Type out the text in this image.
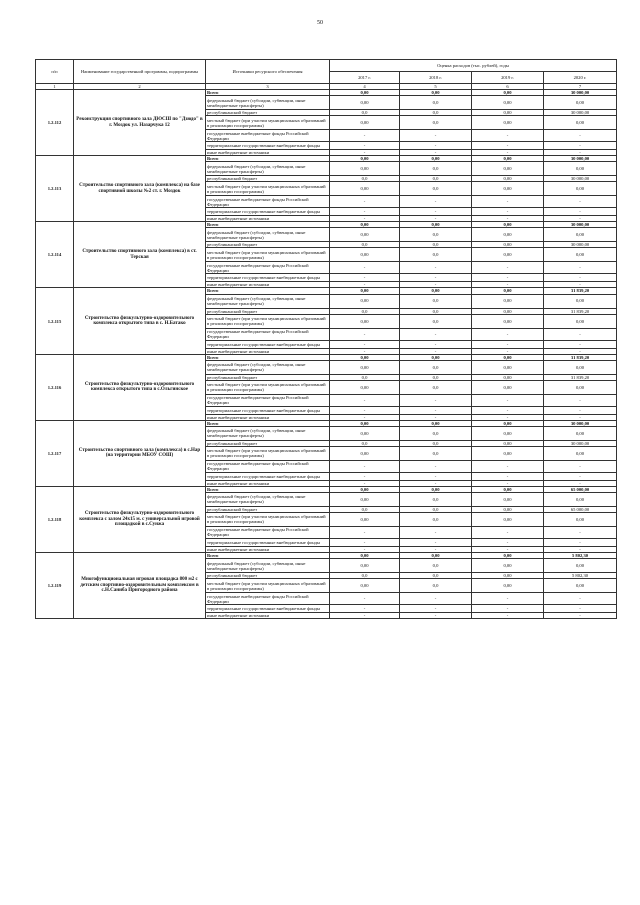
50
п/п	Наименование государственной программы, подпрограммы	Источники ресурсного обеспечения	Оценка расходов (тыс. рублей), годы			
			2017 г.	2018 г.	2019 г.	2020 г.
1	2	3	4	5	6	7
1.2.112	Реконструкция спортивного зала ДЮСШ по "Дзюдо" в г. Моздок ул. Назарчука 12	Всего	0,00	0,00	0,00	30 000,00
		федеральный бюджет (субсидии, субвенции, иные межбюджетные трансферты)	0,00	0,0	0,00	0,00
		республиканский бюджет	0,0	0,0	0,00	30 000,00
		местный бюджет (при участии муниципальных образований в реализации госпрограммы)	0,00	0,0	0,00	0,00
		государственные внебюджетные фонды Российской Федерации	-	-	-	-
		территориальные государственные внебюджетные фонды	-	-	-	-
		иные внебюджетные источники	-	-	-	-
1.2.113	Строительство спортивного зала (комплекса) на базе спортивной школы №2 ст. г. Моздок	Всего	0,00	0,00	0,00	30 000,00
		федеральный бюджет (субсидии, субвенции, иные межбюджетные трансферты)	0,00	0,0	0,00	0,00
		республиканский бюджет	0,0	0,0	0,00	30 000,00
		местный бюджет (при участии муниципальных образований в реализации госпрограммы)	0,00	0,0	0,00	0,00
		государственные внебюджетные фонды Российской Федерации	-	-	-	-
		территориальные государственные внебюджетные фонды	-	-	-	-
		иные внебюджетные источники	-	-	-	-
1.2.114	Строительство спортивного зала (комплекса) в ст. Терская	Всего	0,00	0,00	0,00	30 000,00
		федеральный бюджет (субсидии, субвенции, иные межбюджетные трансферты)	0,00	0,0	0,00	0,00
		республиканский бюджет	0,0	0,0	0,00	30 000,00
		местный бюджет (при участии муниципальных образований в реализации госпрограммы)	0,00	0,0	0,00	0,00
		государственные внебюджетные фонды Российской Федерации	-	-	-	-
		территориальные государственные внебюджетные фонды	-	-	-	-
		иные внебюджетные источники	-	-	-	-
1.2.115	Строительство физкультурно-оздоровительного комплекса открытого типа в с. Н.Батако	Всего	0,00	0,00	0,00	31 839,20
		федеральный бюджет (субсидии, субвенции, иные межбюджетные трансферты)	0,00	0,0	0,00	0,00
		республиканский бюджет	0,0	0,0	0,00	31 839,20
		местный бюджет (при участии муниципальных образований в реализации госпрограммы)	0,00	0,0	0,00	0,00
		государственные внебюджетные фонды Российской Федерации	-	-	-	-
		территориальные государственные внебюджетные фонды	-	-	-	-
		иные внебюджетные источники	-	-	-	-
1.2.116	Строительство физкультурно-оздоровительного комплекса открытого типа в с.Ольгинское	Всего	0,00	0,00	0,00	31 839,20
		федеральный бюджет (субсидии, субвенции, иные межбюджетные трансферты)	0,00	0,0	0,00	0,00
		республиканский бюджет	0,0	0,0	0,00	31 839,20
		местный бюджет (при участии муниципальных образований в реализации госпрограммы)	0,00	0,0	0,00	0,00
		государственные внебюджетные фонды Российской Федерации	-	-	-	-
		территориальные государственные внебюджетные фонды	-	-	-	-
		иные внебюджетные источники	-	-	-	-
1.2.117	Строительство спортивного зала (комплекса) в с.Нар (на территории МБОУ СОШ)	Всего	0,00	0,00	0,00	30 000,00
		федеральный бюджет (субсидии, субвенции, иные межбюджетные трансферты)	0,00	0,0	0,00	0,00
		республиканский бюджет	0,0	0,0	0,00	30 000,00
		местный бюджет (при участии муниципальных образований в реализации госпрограммы)	0,00	0,0	0,00	0,00
		государственные внебюджетные фонды Российской Федерации	-	-	-	-
		территориальные государственные внебюджетные фонды	-	-	-	-
		иные внебюджетные источники	-	-	-	-
1.2.118	Строительство физкультурно-оздоровительного комплекса с залом 24х15 м. с универсальной игровой площадкой в с.Сунжа	Всего	0,00	0,00	0,00	65 000,00
		федеральный бюджет (субсидии, субвенции, иные межбюджетные трансферты)	0,00	0,0	0,00	0,00
		республиканский бюджет	0,0	0,0	0,00	65 000,00
		местный бюджет (при участии муниципальных образований в реализации госпрограммы)	0,00	0,0	0,00	0,00
		государственные внебюджетные фонды Российской Федерации	-	-	-	-
		территориальные государственные внебюджетные фонды	-	-	-	-
		иные внебюджетные источники	-	-	-	-
1.2.119	Многофункциональная игровая площадка 800 м2 с детским спортивно-оздоровительным комплексом в с.Н.Саниба Пригородного района	Всего	0,00	0,00	0,00	5 802,30
		федеральный бюджет (субсидии, субвенции, иные межбюджетные трансферты)	0,00	0,0	0,00	0,00
		республиканский бюджет	0,0	0,0	0,00	5 802,30
		местный бюджет (при участии муниципальных образований в реализации госпрограммы)	0,00	0,0	0,00	0,00
		государственные внебюджетные фонды Российской Федерации	-	-	-	-
		территориальные государственные внебюджетные фонды	-	-	-	-
		иные внебюджетные источники	-	-	-	-
